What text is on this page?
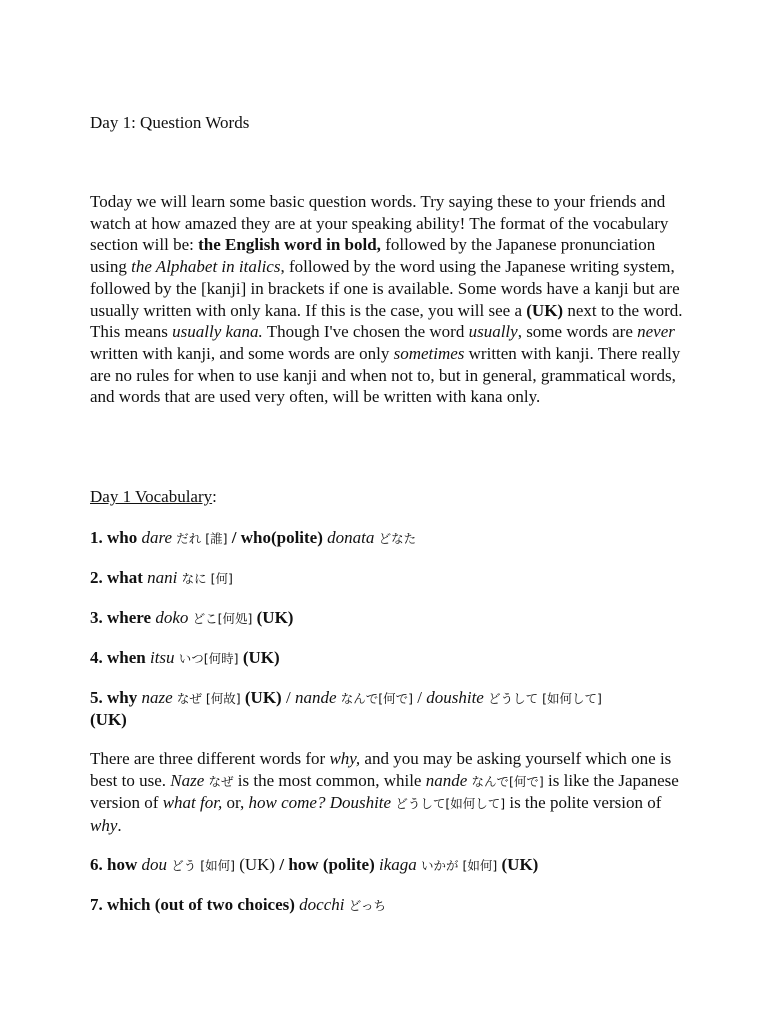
Day 1: Question Words
Today we will learn some basic question words. Try saying these to your friends and watch at how amazed they are at your speaking ability! The format of the vocabulary section will be: the English word in bold, followed by the Japanese pronunciation using the Alphabet in italics, followed by the word using the Japanese writing system, followed by the [kanji] in brackets if one is available. Some words have a kanji but are usually written with only kana. If this is the case, you will see a (UK) next to the word. This means usually kana. Though I've chosen the word usually, some words are never written with kanji, and some words are only sometimes written with kanji. There really are no rules for when to use kanji and when not to, but in general, grammatical words, and words that are used very often, will be written with kana only.
Day 1 Vocabulary:
1. who dare だれ [誰] / who(polite) donata どなた
2. what nani なに [何]
3. where doko どこ[何処] (UK)
4. when itsu いつ[何時] (UK)
5. why naze なぜ [何故] (UK) / nande なんで[何で] / doushite どうして [如何して]
(UK)
There are three different words for why, and you may be asking yourself which one is best to use. Naze なぜ is the most common, while nande なんで[何で] is like the Japanese version of what for, or, how come? Doushite どうして[如何して] is the polite version of why.
6. how dou どう [如何] (UK) / how (polite) ikaga いかが [如何] (UK)
7. which (out of two choices) docchi どっち
